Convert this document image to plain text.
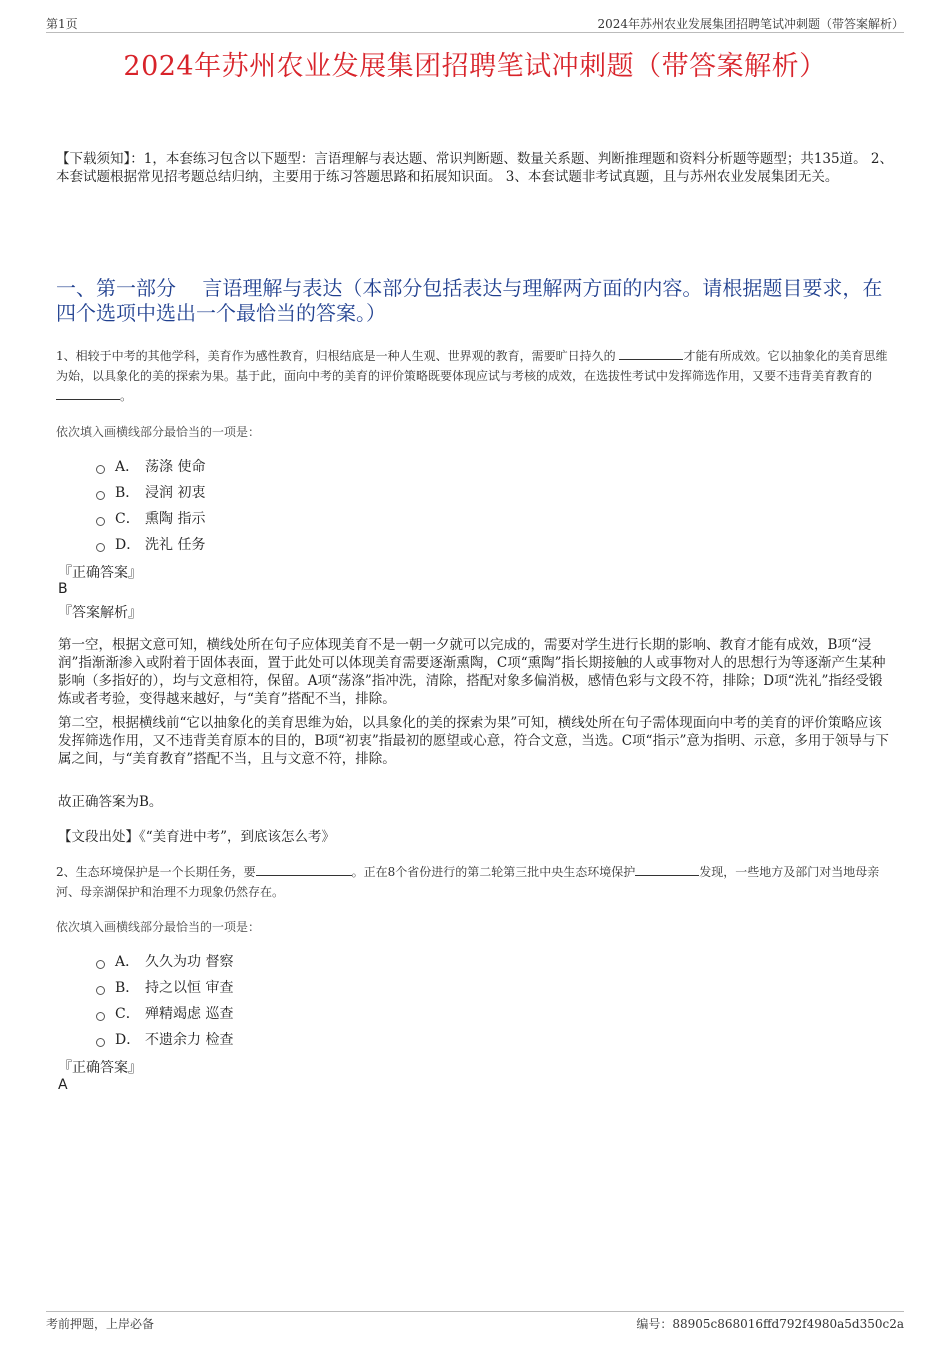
第1页	2024年苏州农业发展集团招聘笔试冲刺题（带答案解析）
2024年苏州农业发展集团招聘笔试冲刺题（带答案解析）
【下载须知】：1，本套练习包含以下题型：言语理解与表达题、常识判断题、数量关系题、判断推理题和资料分析题等题型；共135道。 2、本套试题根据常见招考题总结归纳，主要用于练习答题思路和拓展知识面。 3、本套试题非考试真题，且与苏州农业发展集团无关。
一、第一部分　 言语理解与表达（本部分包括表达与理解两方面的内容。请根据题目要求，在四个选项中选出一个最恰当的答案。）
1、相较于中考的其他学科，美育作为感性教育，归根结底是一种人生观、世界观的教育，需要旷日持久的	才能有所成效。它以抽象化的美育思维为始，以具象化的美的探索为果。基于此，面向中考的美育的评价策略既要体现应试与考核的成效，在选拔性考试中发挥筛选作用，又要不违背美育教育的。
依次填入画横线部分最恰当的一项是：
A． 荡涤 使命
B． 浸润 初衷
C． 熏陶 指示
D． 洗礼 任务
『正确答案』
B
『答案解析』
第一空，根据文意可知，横线处所在句子应体现美育不是一朝一夕就可以完成的，需要对学生进行长期的影响、教育才能有成效，B项“浸润”指渐渐渗入或附着于固体表面，置于此处可以体现美育需要逐渐熏陶，C项“熏陶”指长期接触的人或事物对人的思想行为等逐渐产生某种影响（多指好的），均与文意相符，保留。A项“荡涤”指冲洗，清除，搭配对象多偏消极，感情色彩与文段不符，排除；D项“洗礼”指经受锻炼或者考验，变得越来越好，与“美育”搭配不当，排除。
第二空，根据横线前“它以抽象化的美育思维为始，以具象化的美的探索为果”可知，横线处所在句子需体现面向中考的美育的评价策略应该发挥筛选作用，又不违背美育原本的目的，B项“初衷”指最初的愿望或心意，符合文意，当选。C项“指示”意为指明、示意，多用于领导与下属之间，与“美育教育”搭配不当，且与文意不符，排除。
故正确答案为B。
【文段出处】《“美育进中考”，到底该怎么考》
2、生态环境保护是一个长期任务，要	。正在8个省份进行的第二轮第三批中央生态环境保护	发现，一些地方及部门对当地母亲河、母亲湖保护和治理不力现象仍然存在。
依次填入画横线部分最恰当的一项是：
A． 久久为功 督察
B． 持之以恒 审查
C． 殚精竭虑 巡查
D． 不遗余力 检查
『正确答案』
A
考前押题，上岸必备	编号：88905c868016ffd792f4980a5d350c2a
